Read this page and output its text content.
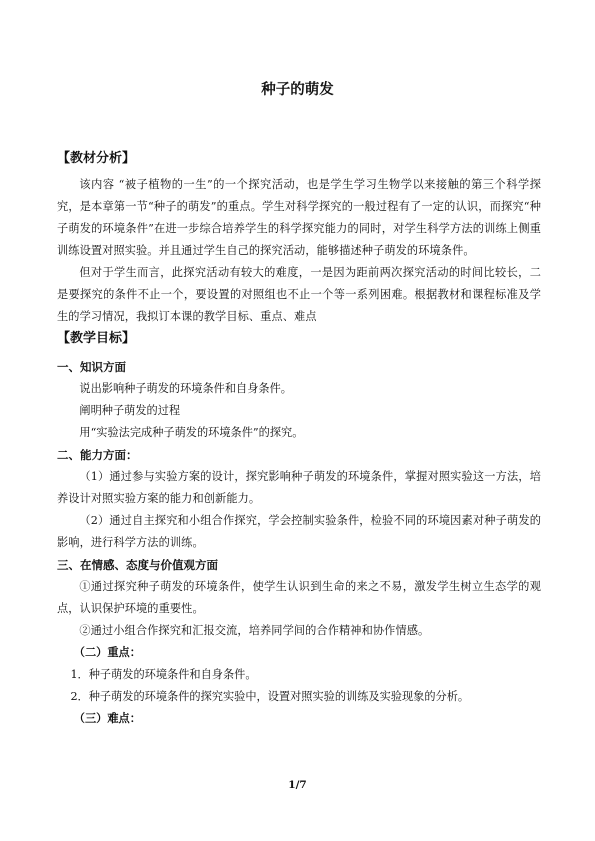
种子的萌发

【教材分析】

该内容 “被子植物的一生”的一个探究活动，也是学生学习生物学以来接触的第三个科学探究，是本章第一节“种子的萌发”的重点。学生对科学探究的一般过程有了一定的认识，而探究“种子萌发的环境条件”在进一步综合培养学生的科学探究能力的同时，对学生科学方法的训练上侧重训练设置对照实验。并且通过学生自己的探究活动，能够描述种子萌发的环境条件。

但对于学生而言，此探究活动有较大的难度，一是因为距前两次探究活动的时间比较长，二是要探究的条件不止一个，要设置的对照组也不止一个等一系列困难。根据教材和课程标准及学生的学习情况，我拟订本课的教学目标、重点、难点

【教学目标】

一、知识方面

说出影响种子萌发的环境条件和自身条件。

阐明种子萌发的过程

用“实验法完成种子萌发的环境条件”的探究。

二、能力方面：

（1）通过参与实验方案的设计，探究影响种子萌发的环境条件，掌握对照实验这一方法，培养设计对照实验方案的能力和创新能力。

（2）通过自主探究和小组合作探究，学会控制实验条件，检验不同的环境因素对种子萌发的影响，进行科学方法的训练。

三、在情感、态度与价值观方面

①通过探究种子萌发的环境条件，使学生认识到生命的来之不易，激发学生树立生态学的观点，认识保护环境的重要性。

②通过小组合作探究和汇报交流，培养同学间的合作精神和协作情感。

（二）重点：

1．种子萌发的环境条件和自身条件。

2．种子萌发的环境条件的探究实验中，设置对照实验的训练及实验现象的分析。

（三）难点：

1/7
